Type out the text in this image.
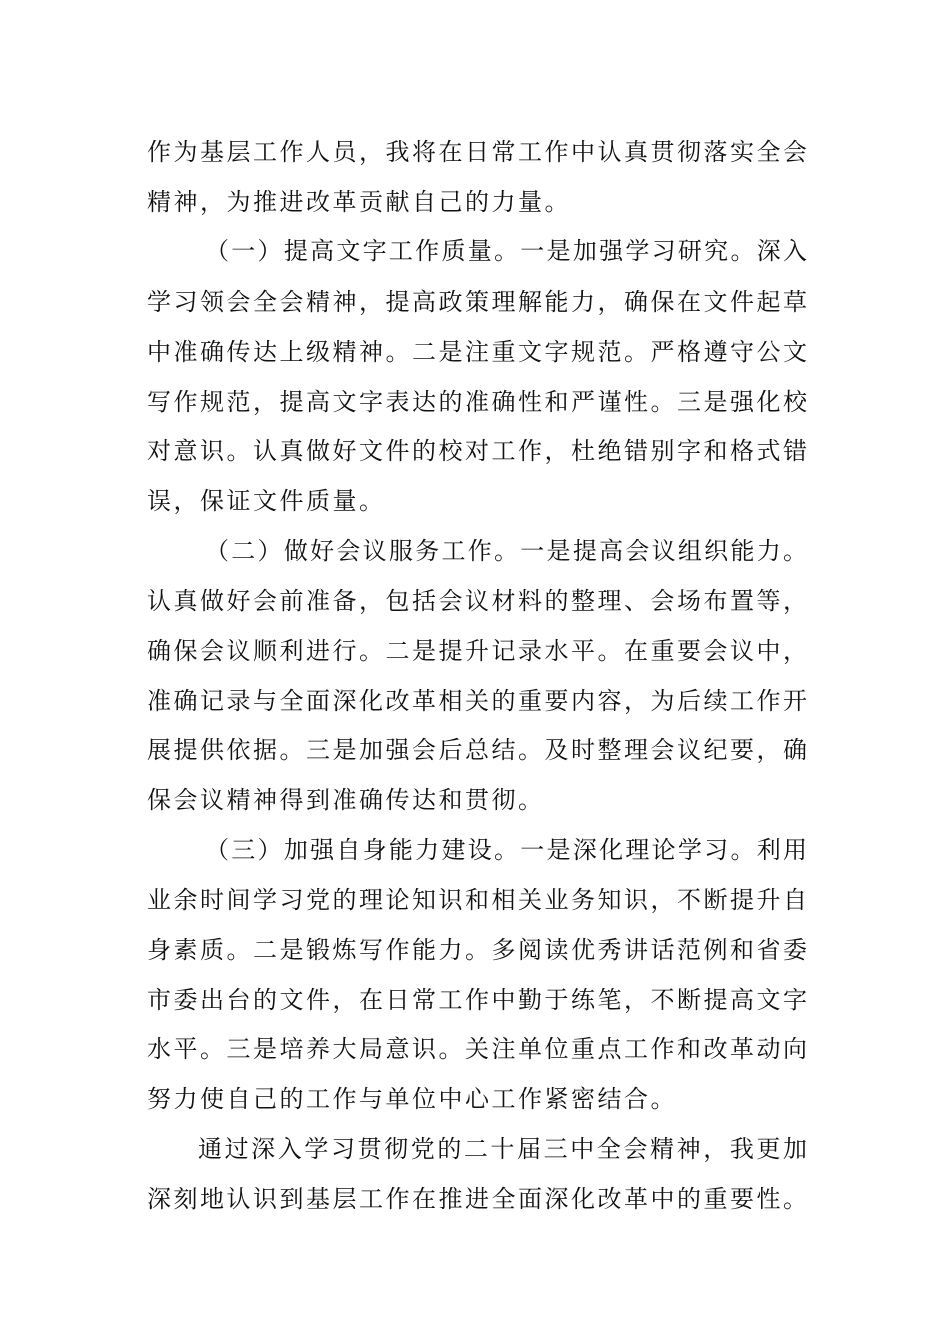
作为基层工作人员，我将在日常工作中认真贯彻落实全会
精神，为推进改革贡献自己的力量。
（一）提高文字工作质量。一是加强学习研究。深入
学习领会全会精神，提高政策理解能力，确保在文件起草
中准确传达上级精神。二是注重文字规范。严格遵守公文
写作规范，提高文字表达的准确性和严谨性。三是强化校
对意识。认真做好文件的校对工作，杜绝错别字和格式错
误，保证文件质量。
（二）做好会议服务工作。一是提高会议组织能力。
认真做好会前准备，包括会议材料的整理、会场布置等，
确保会议顺利进行。二是提升记录水平。在重要会议中，
准确记录与全面深化改革相关的重要内容，为后续工作开
展提供依据。三是加强会后总结。及时整理会议纪要，确
保会议精神得到准确传达和贯彻。
（三）加强自身能力建设。一是深化理论学习。利用
业余时间学习党的理论知识和相关业务知识，不断提升自
身素质。二是锻炼写作能力。多阅读优秀讲话范例和省委
市委出台的文件，在日常工作中勤于练笔，不断提高文字
水平。三是培养大局意识。关注单位重点工作和改革动向
努力使自己的工作与单位中心工作紧密结合。
通过深入学习贯彻党的二十届三中全会精神，我更加
深刻地认识到基层工作在推进全面深化改革中的重要性。
